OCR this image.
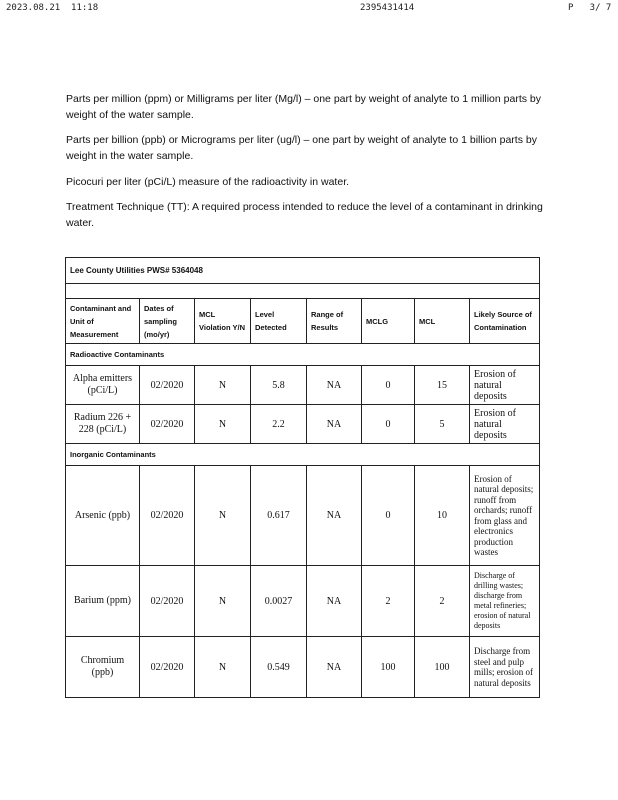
2023.08.21  11:18	2395431414	P   3/ 7

Parts per million (ppm) or Milligrams per liter (Mg/l) – one part by weight of analyte to 1 million parts by weight of the water sample.

Parts per billion (ppb) or Micrograms per liter (ug/l) – one part by weight of analyte to 1 billion parts by weight in the water sample.

Picocuri per liter (pCi/L) measure of the radioactivity in water.

Treatment Technique (TT): A required process intended to reduce the level of a contaminant in drinking water.

Lee County Utilities PWS# 5364048							

Contaminant and Unit of Measurement	Dates of sampling (mo/yr)	MCL Violation Y/N	Level Detected	Range of Results	MCLG	MCL	Likely Source of Contamination
Radioactive Contaminants							
Alpha emitters (pCi/L)	02/2020	N	5.8	NA	0	15	Erosion of natural deposits
Radium 226 + 228 (pCi/L)	02/2020	N	2.2	NA	0	5	Erosion of natural deposits
Inorganic Contaminants							
Arsenic (ppb)	02/2020	N	0.617	NA	0	10	Erosion of natural deposits; runoff from orchards; runoff from glass and electronics production wastes
Barium (ppm)	02/2020	N	0.0027	NA	2	2	Discharge of drilling wastes; discharge from metal refineries; erosion of natural deposits
Chromium (ppb)	02/2020	N	0.549	NA	100	100	Discharge from steel and pulp mills; erosion of natural deposits
